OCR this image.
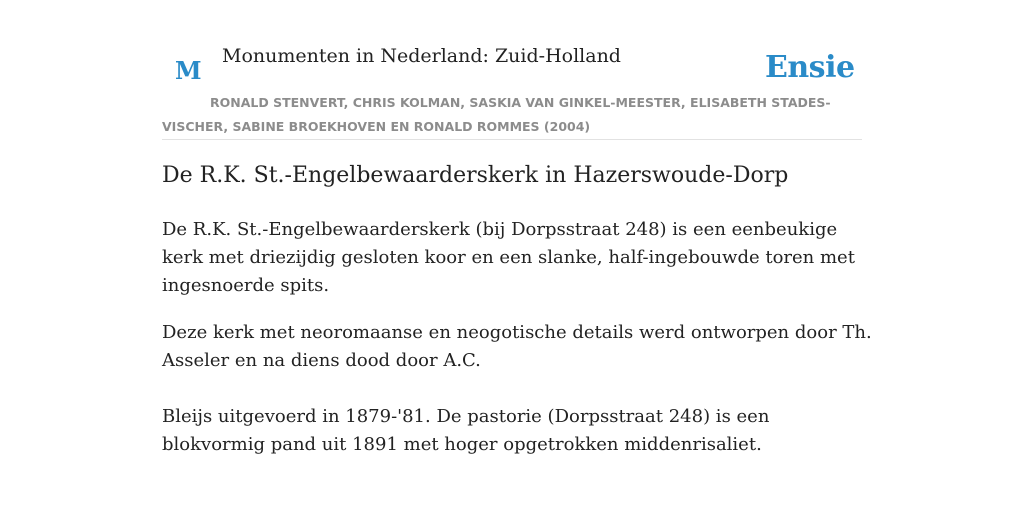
M Monumenten in Nederland: Zuid-Holland	Ensie
RONALD STENVERT, CHRIS KOLMAN, SASKIA VAN GINKEL-MEESTER, ELISABETH STADES-VISCHER, SABINE BROEKHOVEN EN RONALD ROMMES (2004)
De R.K. St.-Engelbewaarderskerk in Hazerswoude-Dorp

De R.K. St.-Engelbewaarderskerk (bij Dorpsstraat 248) is een eenbeukige kerk met driezijdig gesloten koor en een slanke, half-ingebouwde toren met ingesnoerde spits.

Deze kerk met neoromaanse en neogotische details werd ontworpen door Th. Asseler en na diens dood door A.C.

Bleijs uitgevoerd in 1879-'81. De pastorie (Dorpsstraat 248) is een blokvormig pand uit 1891 met hoger opgetrokken middenrisaliet.
